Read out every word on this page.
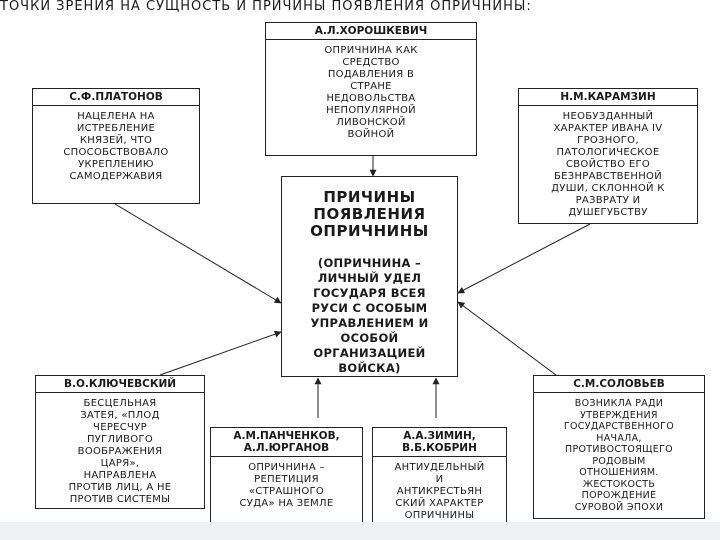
ТОЧКИ ЗРЕНИЯ НА СУЩНОСТЬ И ПРИЧИНЫ ПОЯВЛЕНИЯ ОПРИЧНИНЫ:
А.Л.ХОРОШКЕВИЧ
ОПРИЧНИНА КАК
СРЕДСТВО
ПОДАВЛЕНИЯ В
СТРАНЕ
НЕДОВОЛЬСТВА
НЕПОПУЛЯРНОЙ
ЛИВОНСКОЙ
ВОЙНОЙ
С.Ф.ПЛАТОНОВ
НАЦЕЛЕНА НА
ИСТРЕБЛЕНИЕ
КНЯЗЕЙ, ЧТО
СПОСОБСТВОВАЛО
УКРЕПЛЕНИЮ
САМОДЕРЖАВИЯ
Н.М.КАРАМЗИН
НЕОБУЗДАННЫЙ
ХАРАКТЕР ИВАНА IV
ГРОЗНОГО,
ПАТОЛОГИЧЕСКОЕ
СВОЙСТВО ЕГО
БЕЗНРАВСТВЕННОЙ
ДУШИ, СКЛОННОЙ К
РАЗВРАТУ И
ДУШЕГУБСТВУ
ПРИЧИНЫ
ПОЯВЛЕНИЯ
ОПРИЧНИНЫ
(ОПРИЧНИНА –
ЛИЧНЫЙ УДЕЛ
ГОСУДАРЯ ВСЕЯ
РУСИ С ОСОБЫМ
УПРАВЛЕНИЕМ И
ОСОБОЙ
ОРГАНИЗАЦИЕЙ
ВОЙСКА)
В.О.КЛЮЧЕВСКИЙ
БЕСЦЕЛЬНАЯ
ЗАТЕЯ, «ПЛОД
ЧЕРЕСЧУР
ПУГЛИВОГО
ВООБРАЖЕНИЯ
ЦАРЯ»,
НАПРАВЛЕНА
ПРОТИВ ЛИЦ, А НЕ
ПРОТИВ СИСТЕМЫ
А.М.ПАНЧЕНКОВ,
А.Л.ЮРГАНОВ
ОПРИЧНИНА –
РЕПЕТИЦИЯ
«СТРАШНОГО
СУДА» НА ЗЕМЛЕ
А.А.ЗИМИН,
В.Б.КОБРИН
АНТИУДЕЛЬНЫЙ
И
АНТИКРЕСТЬЯН
СКИЙ ХАРАКТЕР
ОПРИЧНИНЫ
С.М.СОЛОВЬЕВ
ВОЗНИКЛА РАДИ
УТВЕРЖДЕНИЯ
ГОСУДАРСТВЕННОГО
НАЧАЛА,
ПРОТИВОСТОЯЩЕГО
РОДОВЫМ
ОТНОШЕНИЯМ.
ЖЕСТОКОСТЬ
ПОРОЖДЕНИЕ
СУРОВОЙ ЭПОХИ
